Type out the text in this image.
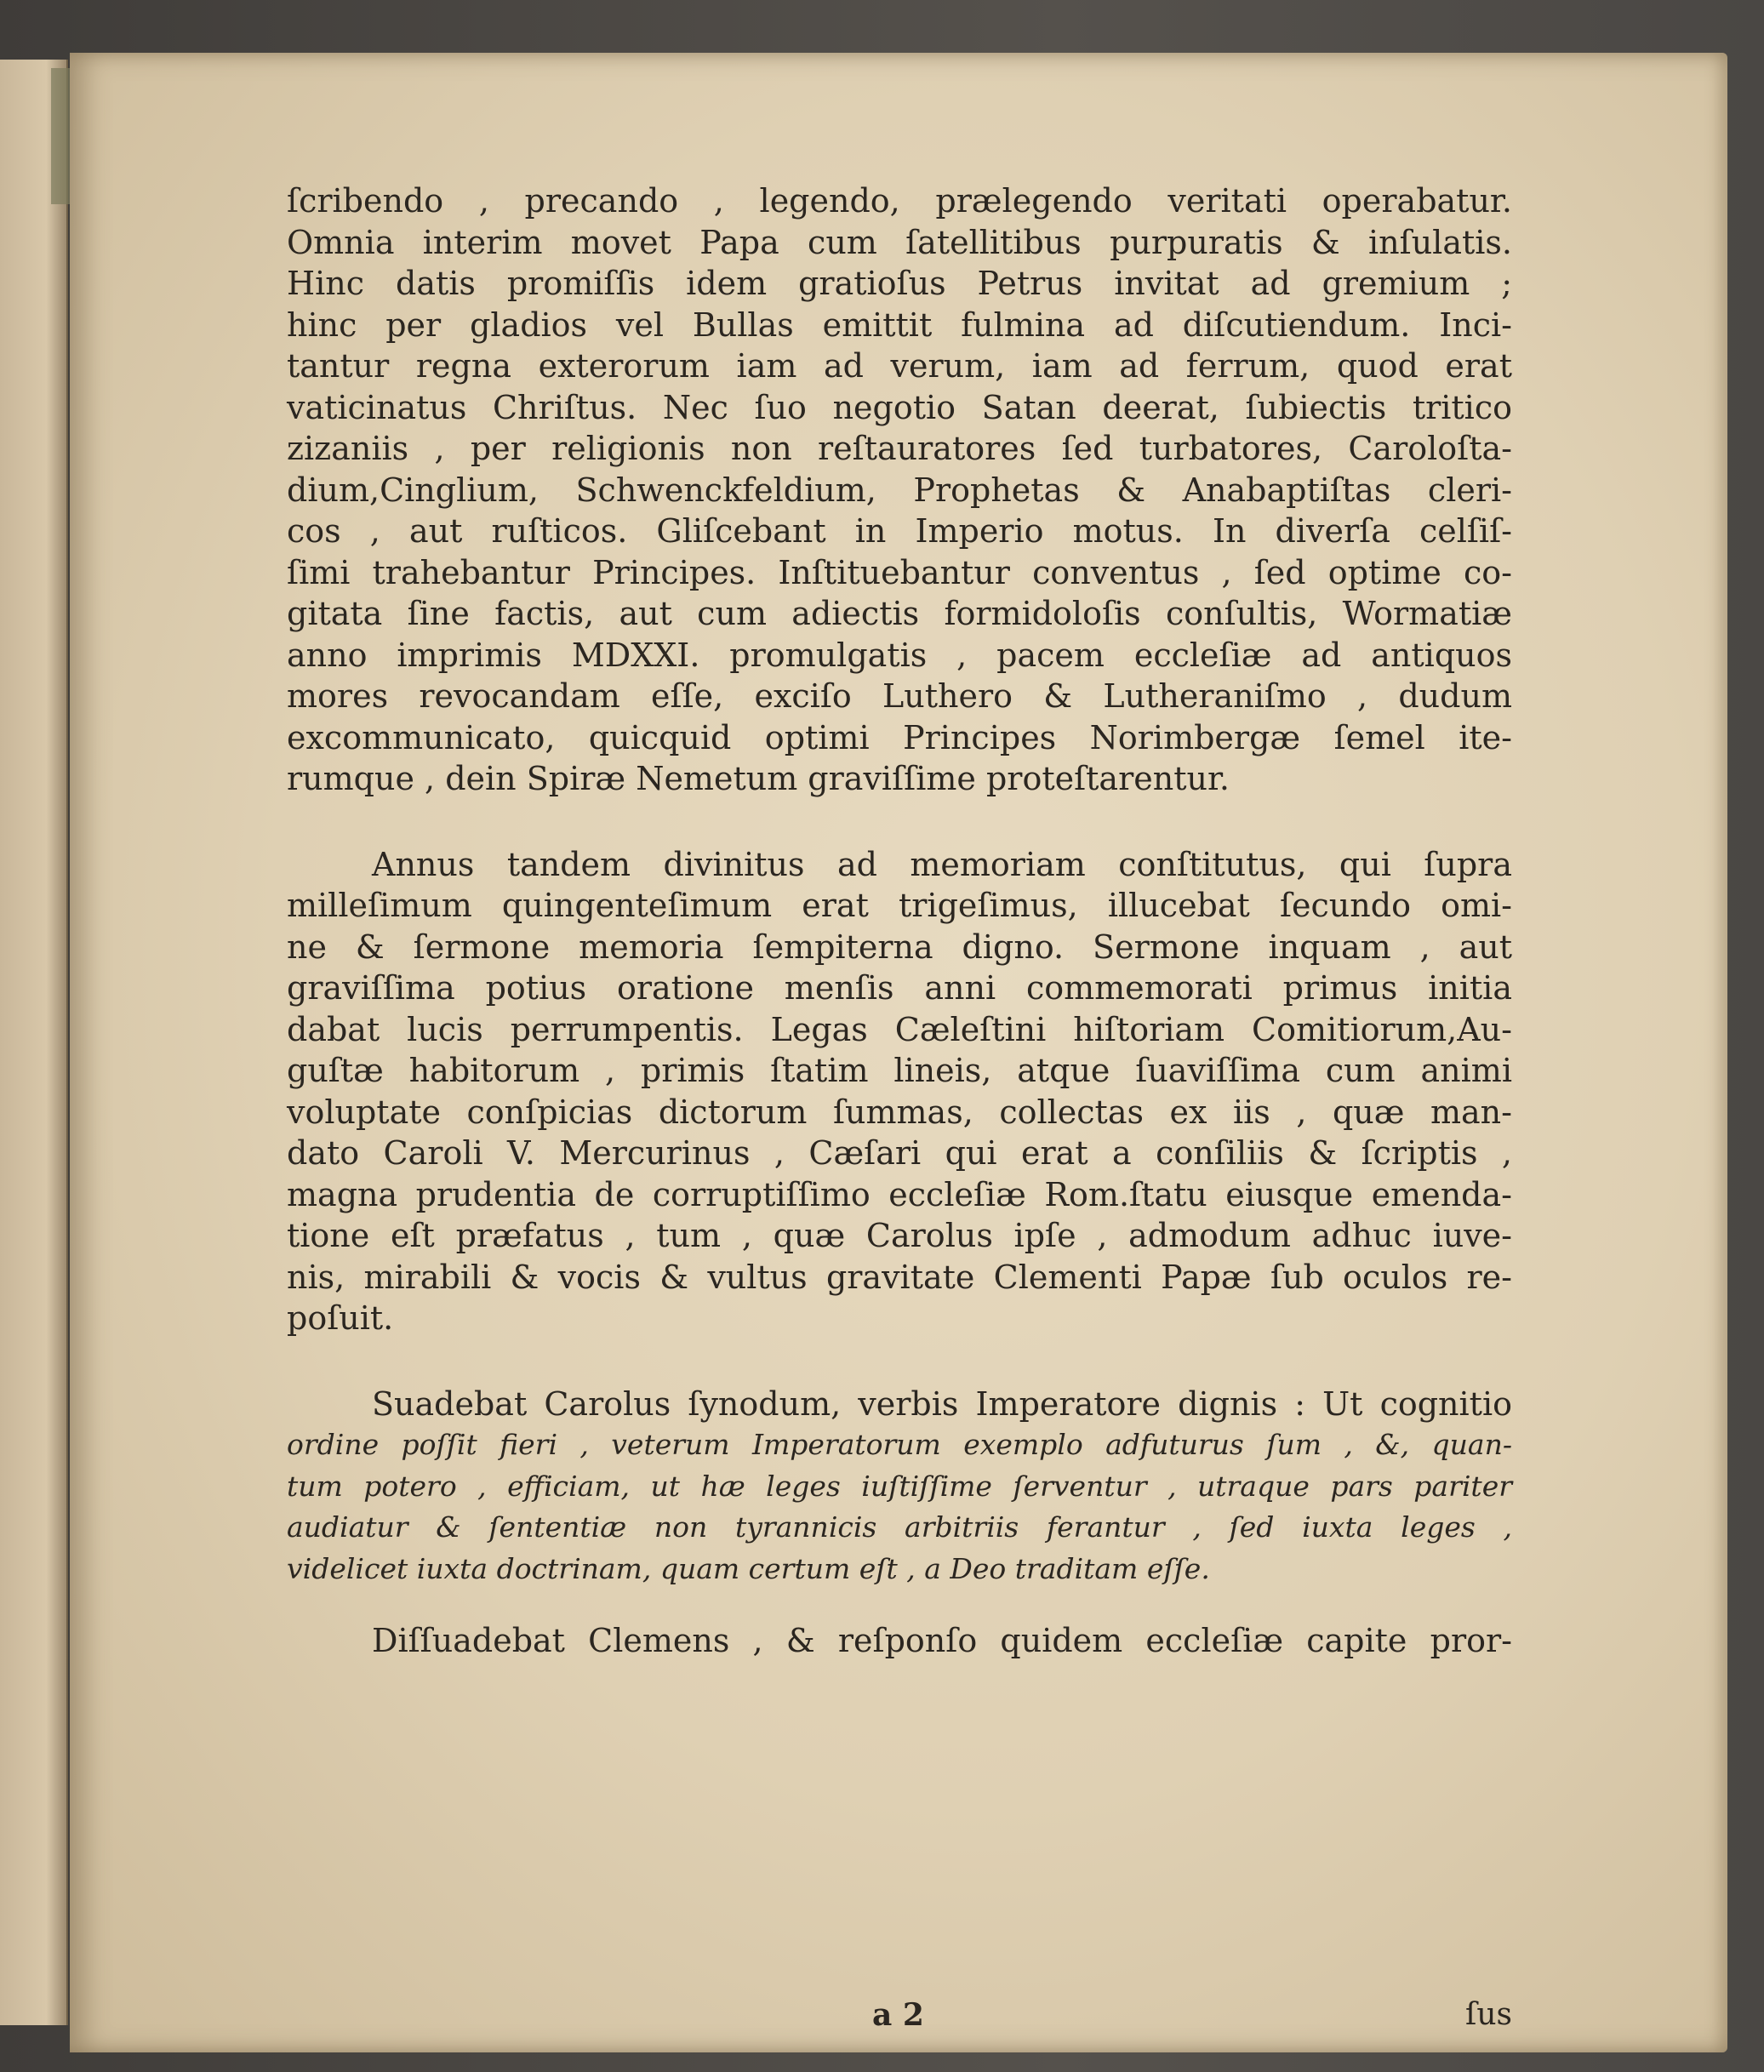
ſcribendo , precando , legendo, prælegendo veritati operabatur.
Omnia interim movet Papa cum ſatellitibus purpuratis & inſulatis.
Hinc datis promiſſis idem gratioſus Petrus invitat ad gremium ;
hinc per gladios vel Bullas emittit fulmina ad diſcutiendum. Inci-
tantur regna exterorum iam ad verum, iam ad ferrum, quod erat
vaticinatus Chriſtus. Nec ſuo negotio Satan deerat, ſubiectis tritico
zizaniis , per religionis non reſtauratores ſed turbatores, Caroloſta-
dium,Cinglium, Schwenckfeldium, Prophetas & Anabaptiſtas cleri-
cos , aut ruſticos. Gliſcebant in Imperio motus. In diverſa celſiſ-
ſimi trahebantur Principes. Inſtituebantur conventus , ſed optime co-
gitata ſine factis, aut cum adiectis formidoloſis conſultis, Wormatiæ
anno imprimis MDXXI. promulgatis , pacem eccleſiæ ad antiquos
mores revocandam eſſe, exciſo Luthero & Lutheraniſmo , dudum
excommunicato, quicquid optimi Principes Norimbergæ ſemel ite-
rumque , dein Spiræ Nemetum graviſſime proteſtarentur.
Annus tandem divinitus ad memoriam conſtitutus, qui ſupra
milleſimum quingenteſimum erat trigeſimus, illucebat ſecundo omi-
ne & ſermone memoria ſempiterna digno. Sermone inquam , aut
graviſſima potius oratione menſis anni commemorati primus initia
dabat lucis perrumpentis. Legas Cæleſtini hiſtoriam Comitiorum,Au-
guſtæ habitorum , primis ſtatim lineis, atque ſuaviſſima cum animi
voluptate conſpicias dictorum ſummas, collectas ex iis , quæ man-
dato Caroli V. Mercurinus , Cæſari qui erat a conſiliis & ſcriptis ,
magna prudentia de corruptiſſimo eccleſiæ Rom.ſtatu eiusque emenda-
tione eſt præfatus , tum , quæ Carolus ipſe , admodum adhuc iuve-
nis, mirabili & vocis & vultus gravitate Clementi Papæ ſub oculos re-
poſuit.
Suadebat Carolus ſynodum, verbis Imperatore dignis : Ut cognitio
ordine poſſit fieri , veterum Imperatorum exemplo adfuturus ſum , &, quan-
tum potero , efficiam, ut hæ leges iuſtiſſime ſerventur , utraque pars pariter
audiatur & ſententiæ non tyrannicis arbitriis ferantur , ſed iuxta leges ,
videlicet iuxta doctrinam, quam certum eſt , a Deo traditam eſſe.
Diſſuadebat Clemens , & reſponſo quidem eccleſiæ capite pror-
a 2	ſus
